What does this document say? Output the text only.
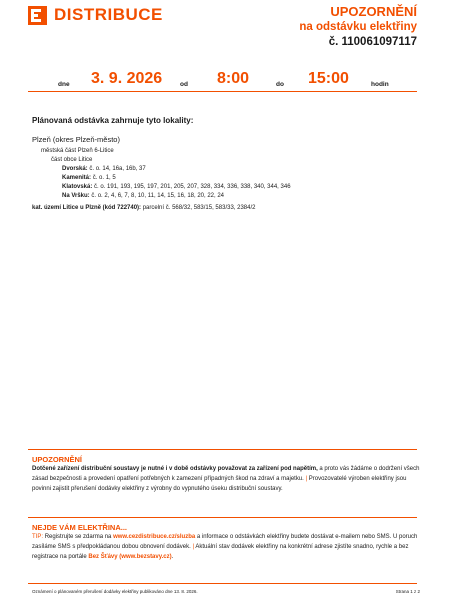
DISTRIBUCE	UPOZORNĚNÍ
na odstávku elektřiny
č. 110061097117
dne 3. 9. 2026	od 8:00	do 15:00	hodin
Plánovaná odstávka zahrnuje tyto lokality:
Plzeň (okres Plzeň-město)
městská část Plzeň 6-Litice
část obce Litice
Dvorská: č. o. 14, 16a, 16b, 37
Kamenitá: č. o. 1, 5
Klatovská: č. o. 191, 193, 195, 197, 201, 205, 207, 328, 334, 336, 338, 340, 344, 346
Na Vršku: č. o. 2, 4, 6, 7, 8, 10, 11, 14, 15, 16, 18, 20, 22, 24
kat. území Litice u Plzně (kód 722740): parcelní č. 568/32, 583/15, 583/33, 2384/2
UPOZORNĚNÍ
Dotčené zařízení distribuční soustavy je nutné i v době odstávky považovat za zařízení pod napětím, a proto vás žádáme o dodržení všech zásad bezpečnosti a provedení opatření potřebných k zamezení případných škod na zdraví a majetku. | Provozovatelé výroben elektřiny jsou povinni zajistit přerušení dodávky elektřiny z výrobny do vypnutého úseku distribuční soustavy.
NEJDE VÁM ELEKTŘINA...
TIP: Registrujte se zdarma na www.cezdistribuce.cz/sluzba a informace o odstávkách elektřiny budete dostávat e-mailem nebo SMS. U poruch zasíláme SMS s předpokládanou dobou obnovení dodávek. | Aktuální stav dodávek elektřiny na konkrétní adrese zjistíte snadno, rychle a bez registrace na portále Bez Šťávy (www.bezstavy.cz).
Oznámení o plánovaném přerušení dodávky elektřiny publikováno dne 13. 8. 2026.	Strana 1 z 2
